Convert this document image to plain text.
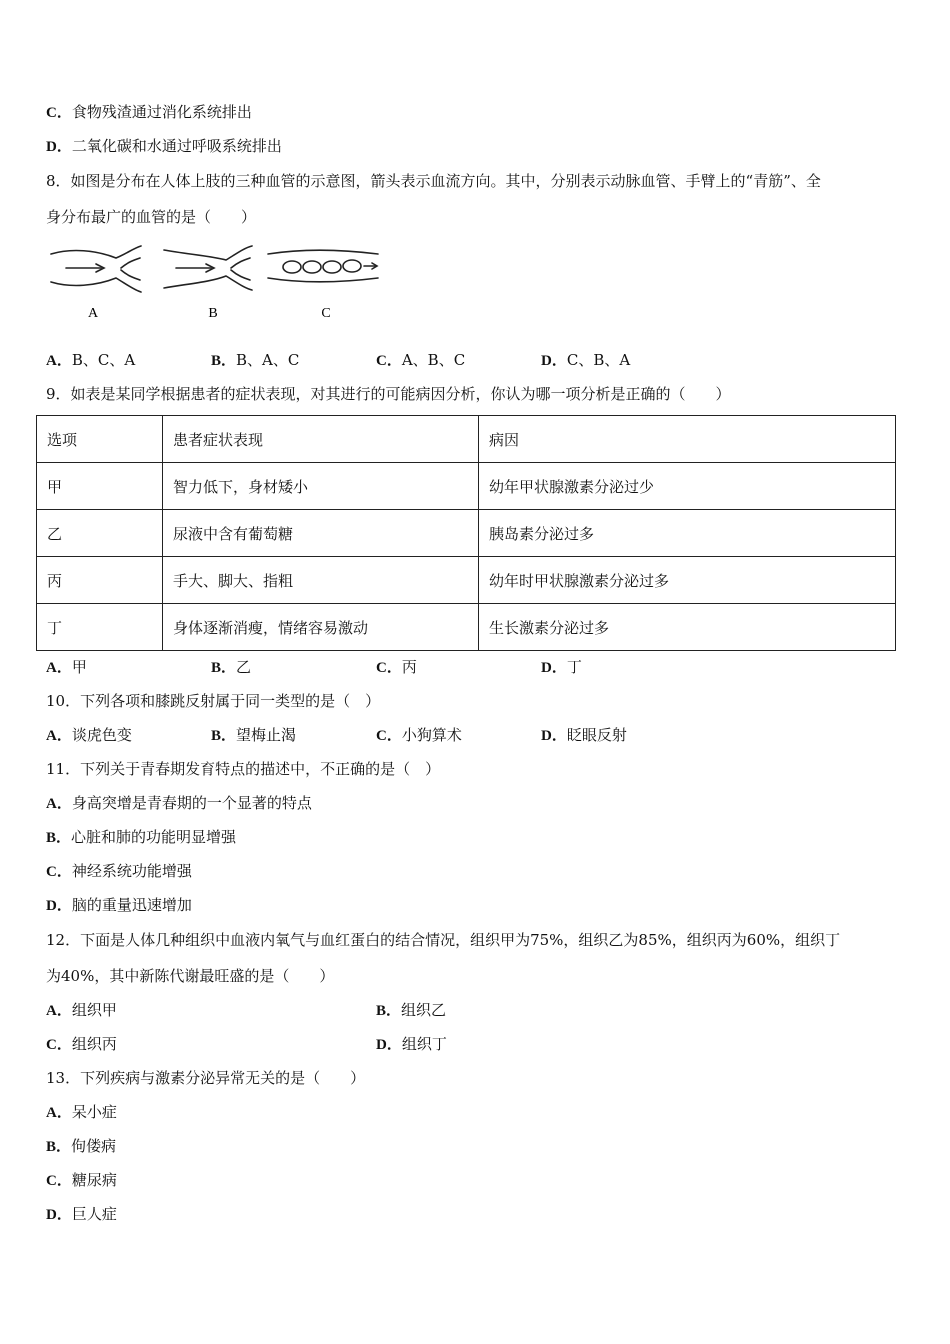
C．食物残渣通过消化系统排出
D．二氧化碳和水通过呼吸系统排出
8．如图是分布在人体上肢的三种血管的示意图，箭头表示血流方向。其中，分别表示动脉血管、手臂上的“青筋”、全
身分布最广的血管的是（　　）
A	B	C
A．B、C、A	B．B、A、C	C．A、B、C	D．C、B、A
9．如表是某同学根据患者的症状表现，对其进行的可能病因分析，你认为哪一项分析是正确的（　　）
选项	患者症状表现	病因
甲	智力低下，身材矮小	幼年甲状腺激素分泌过少
乙	尿液中含有葡萄糖	胰岛素分泌过多
丙	手大、脚大、指粗	幼年时甲状腺激素分泌过多
丁	身体逐渐消瘦，情绪容易激动	生长激素分泌过多
A．甲	B．乙	C．丙	D．丁
10．下列各项和膝跳反射属于同一类型的是（　）
A．谈虎色变	B．望梅止渴	C．小狗算术	D．眨眼反射
11．下列关于青春期发育特点的描述中，不正确的是（　）
A．身高突增是青春期的一个显著的特点
B．心脏和肺的功能明显增强
C．神经系统功能增强
D．脑的重量迅速增加
12．下面是人体几种组织中血液内氧气与血红蛋白的结合情况，组织甲为75%，组织乙为85%，组织丙为60%，组织丁
为40%，其中新陈代谢最旺盛的是（　　）
A．组织甲	B．组织乙
C．组织丙	D．组织丁
13．下列疾病与激素分泌异常无关的是（　　）
A．呆小症
B．佝偻病
C．糖尿病
D．巨人症
